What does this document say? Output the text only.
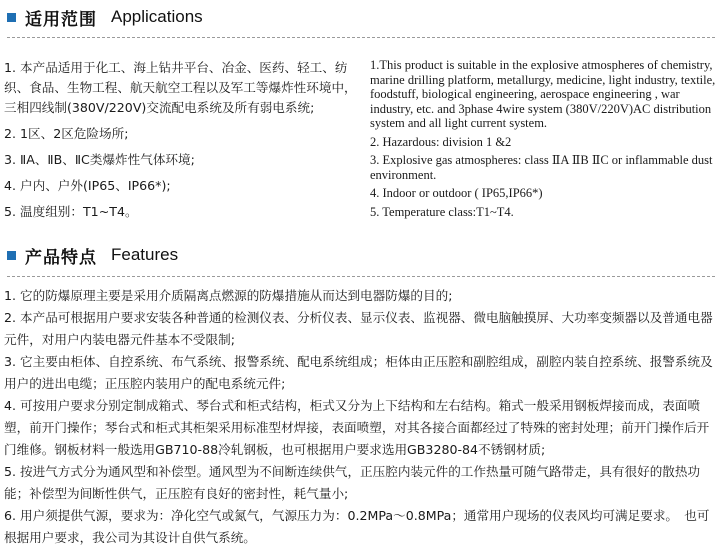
适用范围 Applications
1. 本产品适用于化工、海上钻井平台、冶金、医药、轻工、纺织、食品、生物工程、航天航空工程以及军工等爆炸性环境中，三相四线制(380V/220V)交流配电系统及所有弱电系统;
2. 1区、2区危险场所;
3. ⅡA、ⅡB、ⅡC类爆炸性气体环境;
4. 户内、户外(IP65、IP66*);
5. 温度组别：T1~T4。
1.This product is suitable in the explosive atmospheres of chemistry, marine drilling platform, metallurgy, medicine, light industry, textile, foodstuff, biological engineering, aerospace engineering , war industry, etc. and 3phase 4wire system (380V/220V)AC distribution system and all light current system.
2. Hazardous: division 1 &2
3. Explosive gas atmospheres: class ⅡA ⅡB ⅡC or inflammable dust environment.
4. Indoor or outdoor ( IP65,IP66*)
5. Temperature class:T1~T4.
产品特点 Features
1. 它的防爆原理主要是采用介质隔离点燃源的防爆措施从而达到电器防爆的目的;
2. 本产品可根据用户要求安装各种普通的检测仪表、分析仪表、显示仪表、监视器、微电脑触摸屏、大功率变频器以及普通电器元件，对用户内装电器元件基本不受限制;
3. 它主要由柜体、自控系统、布气系统、报警系统、配电系统组成；柜体由正压腔和副腔组成，副腔内装自控系统、报警系统及用户的进出电缆；正压腔内装用户的配电系统元件;
4. 可按用户要求分别定制成箱式、琴台式和柜式结构，柜式又分为上下结构和左右结构。箱式一般采用钢板焊接而成，表面喷塑，前开门操作；琴台式和柜式其柜架采用标准型材焊接，表面喷塑，对其各接合面都经过了特殊的密封处理；前开门操作后开门维修。钢板材料一般选用GB710-88冷轧钢板，也可根据用户要求选用GB3280-84不锈钢材质;
5. 按进气方式分为通风型和补偿型。通风型为不间断连续供气，正压腔内装元件的工作热量可随气路带走，具有很好的散热功能；补偿型为间断性供气，正压腔有良好的密封性，耗气量小;
6. 用户须提供气源，要求为：净化空气或氮气，气源压力为：0.2MPa～0.8MPa；通常用户现场的仪表风均可满足要求。　也可根据用户要求，我公司为其设计自供气系统。
